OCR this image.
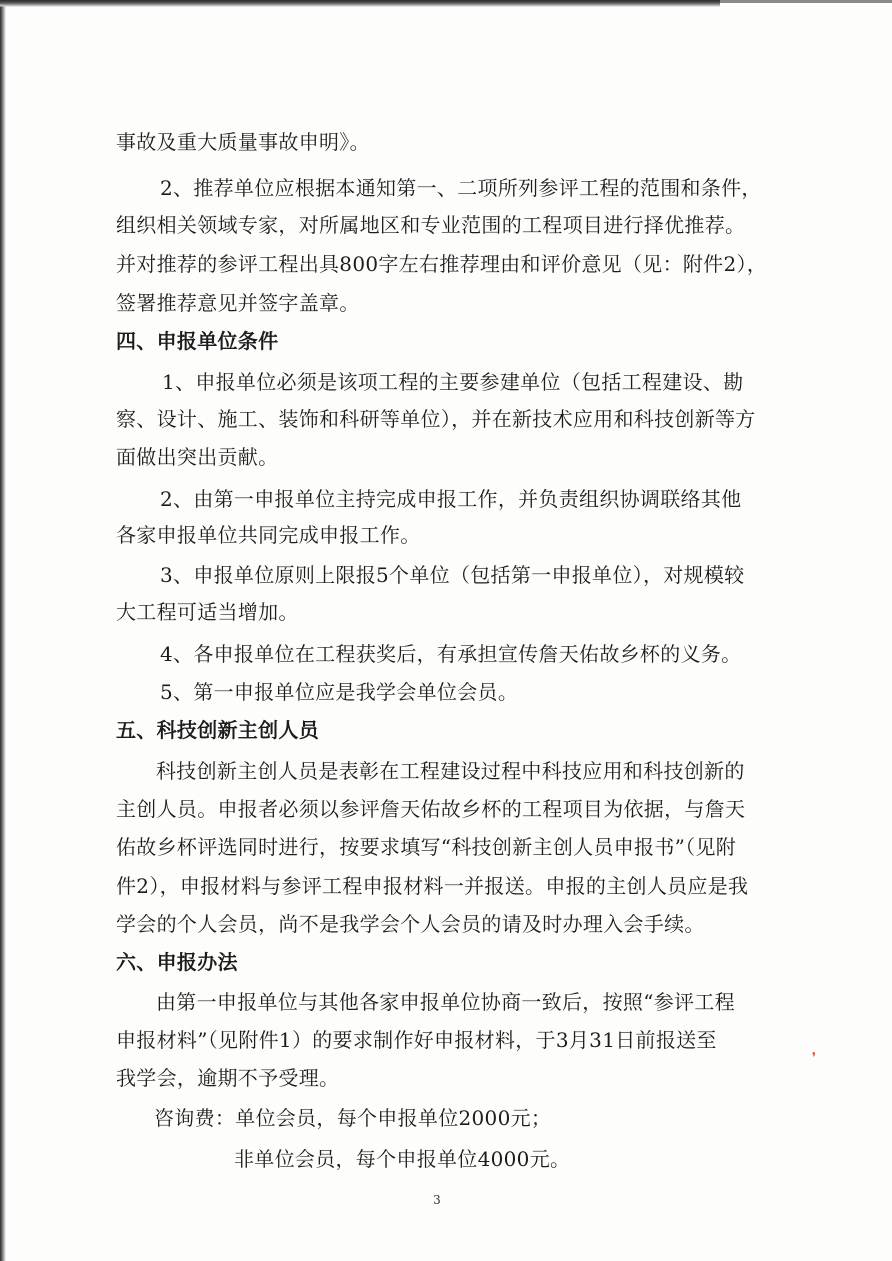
事故及重大质量事故申明》。
2、推荐单位应根据本通知第一、二项所列参评工程的范围和条件，
组织相关领域专家，对所属地区和专业范围的工程项目进行择优推荐。
并对推荐的参评工程出具800字左右推荐理由和评价意见（见：附件2），
签署推荐意见并签字盖章。
四、申报单位条件
1、申报单位必须是该项工程的主要参建单位（包括工程建设、勘
察、设计、施工、装饰和科研等单位），并在新技术应用和科技创新等方
面做出突出贡献。
2、由第一申报单位主持完成申报工作，并负责组织协调联络其他
各家申报单位共同完成申报工作。
3、申报单位原则上限报5个单位（包括第一申报单位），对规模较
大工程可适当增加。
4、各申报单位在工程获奖后，有承担宣传詹天佑故乡杯的义务。
5、第一申报单位应是我学会单位会员。
五、科技创新主创人员
科技创新主创人员是表彰在工程建设过程中科技应用和科技创新的
主创人员。申报者必须以参评詹天佑故乡杯的工程项目为依据，与詹天
佑故乡杯评选同时进行，按要求填写“科技创新主创人员申报书”（见附
件2），申报材料与参评工程申报材料一并报送。申报的主创人员应是我
学会的个人会员，尚不是我学会个人会员的请及时办理入会手续。
六、申报办法
由第一申报单位与其他各家申报单位协商一致后，按照“参评工程
申报材料”（见附件1）的要求制作好申报材料，于3月31日前报送至
我学会，逾期不予受理。
咨询费：单位会员，每个申报单位2000元；
非单位会员，每个申报单位4000元。
❜
3
